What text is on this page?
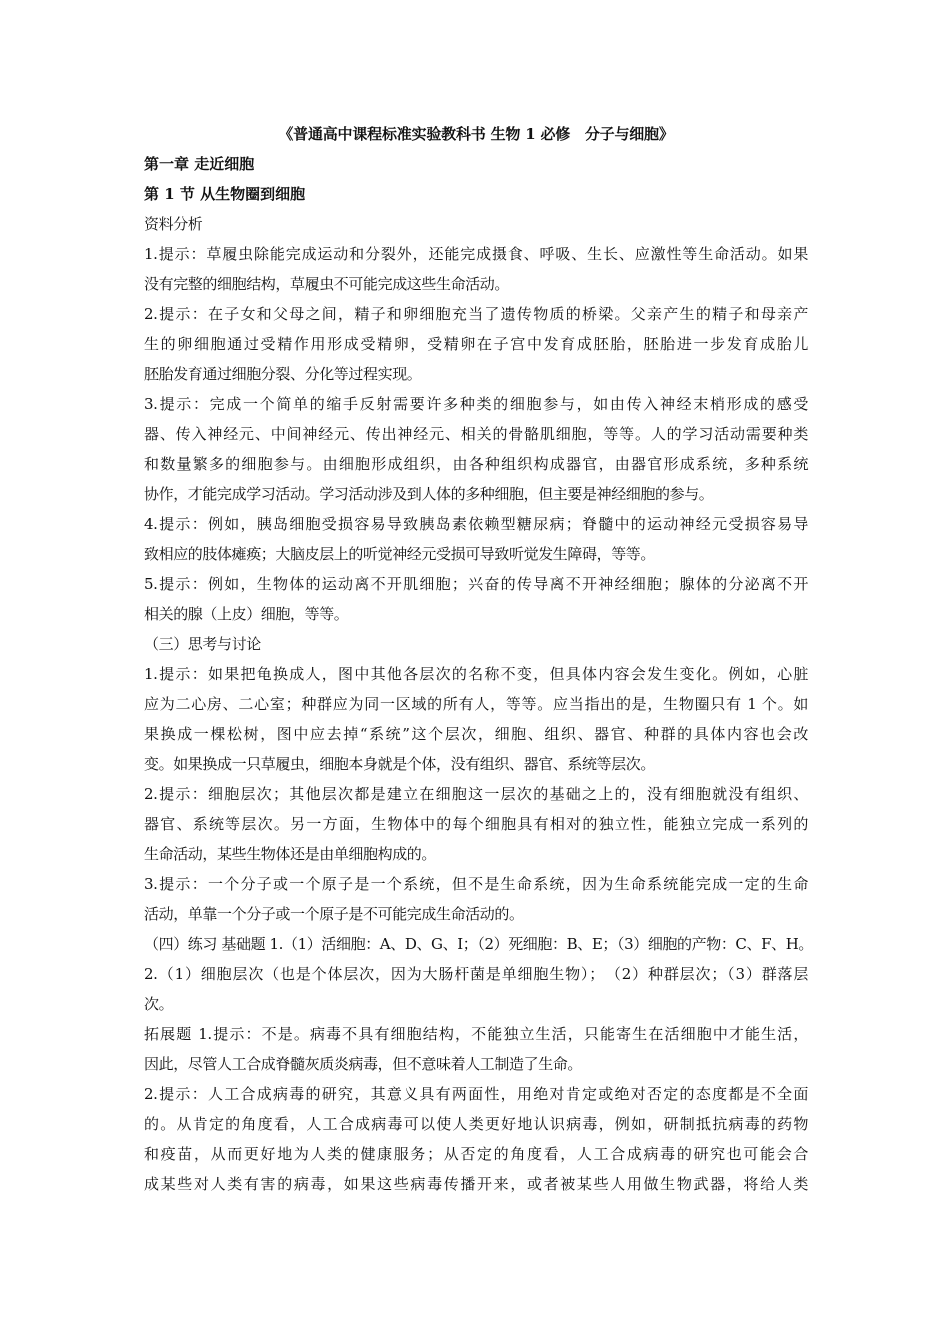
《普通高中课程标准实验教科书 生物 1 必修　分子与细胞》
第一章 走近细胞
第 1 节 从生物圈到细胞
资料分析
1.提示：草履虫除能完成运动和分裂外，还能完成摄食、呼吸、生长、应激性等生命活动。如果
没有完整的细胞结构，草履虫不可能完成这些生命活动。
2.提示：在子女和父母之间，精子和卵细胞充当了遗传物质的桥梁。父亲产生的精子和母亲产
生的卵细胞通过受精作用形成受精卵，受精卵在子宫中发育成胚胎，胚胎进一步发育成胎儿
胚胎发育通过细胞分裂、分化等过程实现。
3.提示：完成一个简单的缩手反射需要许多种类的细胞参与，如由传入神经末梢形成的感受
器、传入神经元、中间神经元、传出神经元、相关的骨骼肌细胞，等等。人的学习活动需要种类
和数量繁多的细胞参与。由细胞形成组织，由各种组织构成器官，由器官形成系统，多种系统
协作，才能完成学习活动。学习活动涉及到人体的多种细胞，但主要是神经细胞的参与。
4.提示：例如，胰岛细胞受损容易导致胰岛素依赖型糖尿病；脊髓中的运动神经元受损容易导
致相应的肢体瘫痪；大脑皮层上的听觉神经元受损可导致听觉发生障碍，等等。
5.提示：例如，生物体的运动离不开肌细胞；兴奋的传导离不开神经细胞；腺体的分泌离不开
相关的腺（上皮）细胞，等等。
（三）思考与讨论
1.提示：如果把龟换成人，图中其他各层次的名称不变，但具体内容会发生变化。例如，心脏
应为二心房、二心室；种群应为同一区域的所有人，等等。应当指出的是，生物圈只有 1 个。如
果换成一棵松树，图中应去掉“系统”这个层次，细胞、组织、器官、种群的具体内容也会改
变。如果换成一只草履虫，细胞本身就是个体，没有组织、器官、系统等层次。
2.提示：细胞层次；其他层次都是建立在细胞这一层次的基础之上的，没有细胞就没有组织、
器官、系统等层次。另一方面，生物体中的每个细胞具有相对的独立性，能独立完成一系列的
生命活动，某些生物体还是由单细胞构成的。
3.提示：一个分子或一个原子是一个系统，但不是生命系统，因为生命系统能完成一定的生命
活动，单靠一个分子或一个原子是不可能完成生命活动的。
（四）练习 基础题 1.（1）活细胞：A、D、G、I；（2）死细胞：B、E；（3）细胞的产物：C、F、H。
2.（1）细胞层次（也是个体层次，因为大肠杆菌是单细胞生物）；　（2）种群层次；（3）群落层
次。
拓展题 1.提示：不是。病毒不具有细胞结构，不能独立生活，只能寄生在活细胞中才能生活，
因此，尽管人工合成脊髓灰质炎病毒，但不意味着人工制造了生命。
2.提示：人工合成病毒的研究，其意义具有两面性，用绝对肯定或绝对否定的态度都是不全面
的。从肯定的角度看，人工合成病毒可以使人类更好地认识病毒，例如，研制抵抗病毒的药物
和疫苗，从而更好地为人类的健康服务；从否定的角度看，人工合成病毒的研究也可能会合
成某些对人类有害的病毒，如果这些病毒传播开来，或者被某些人用做生物武器，将给人类
